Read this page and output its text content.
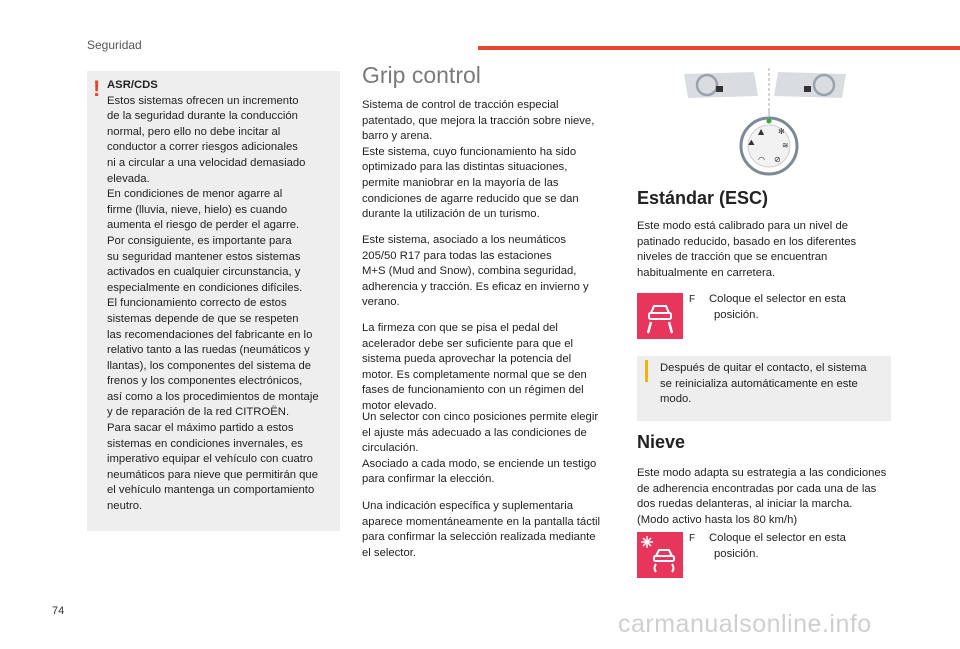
Seguridad
! ASR/CDS
Estos sistemas ofrecen un incremento
de la seguridad durante la conducción
normal, pero ello no debe incitar al
conductor a correr riesgos adicionales
ni a circular a una velocidad demasiado
elevada.
En condiciones de menor agarre al
firme (lluvia, nieve, hielo) es cuando
aumenta el riesgo de perder el agarre.
Por consiguiente, es importante para
su seguridad mantener estos sistemas
activados en cualquier circunstancia, y
especialmente en condiciones difíciles.
El funcionamiento correcto de estos
sistemas depende de que se respeten
las recomendaciones del fabricante en lo
relativo tanto a las ruedas (neumáticos y
llantas), los componentes del sistema de
frenos y los componentes electrónicos,
así como a los procedimientos de montaje
y de reparación de la red CITROËN.
Para sacar el máximo partido a estos
sistemas en condiciones invernales, es
imperativo equipar el vehículo con cuatro
neumáticos para nieve que permitirán que
el vehículo mantenga un comportamiento
neutro.
Grip control
Sistema de control de tracción especial
patentado, que mejora la tracción sobre nieve,
barro y arena.
Este sistema, cuyo funcionamiento ha sido
optimizado para las distintas situaciones,
permite maniobrar en la mayoría de las
condiciones de agarre reducido que se dan
durante la utilización de un turismo.
Este sistema, asociado a los neumáticos
205/50 R17 para todas las estaciones
M+S (Mud and Snow), combina seguridad,
adherencia y tracción. Es eficaz en invierno y
verano.
La firmeza con que se pisa el pedal del
acelerador debe ser suficiente para que el
sistema pueda aprovechar la potencia del
motor. Es completamente normal que se den
fases de funcionamiento con un régimen del
motor elevado.
Un selector con cinco posiciones permite elegir
el ajuste más adecuado a las condiciones de
circulación.
Asociado a cada modo, se enciende un testigo
para confirmar la elección.
Una indicación específica y suplementaria
aparece momentáneamente en la pantalla táctil
para confirmar la selección realizada mediante
el selector.
⛰
▲ ✻
≋
◠ ⊘
Estándar (ESC)
Este modo está calibrado para un nivel de
patinado reducido, basado en los diferentes
niveles de tracción que se encuentran
habitualmente en carretera.
F Coloque el selector en esta
posición.
Después de quitar el contacto, el sistema
se reinicializa automáticamente en este
modo.
Nieve
Este modo adapta su estrategia a las condiciones
de adherencia encontradas por cada una de las
dos ruedas delanteras, al iniciar la marcha.
(Modo activo hasta los 80 km/h)
F Coloque el selector en esta
posición.
74	carmanualsonline.info
